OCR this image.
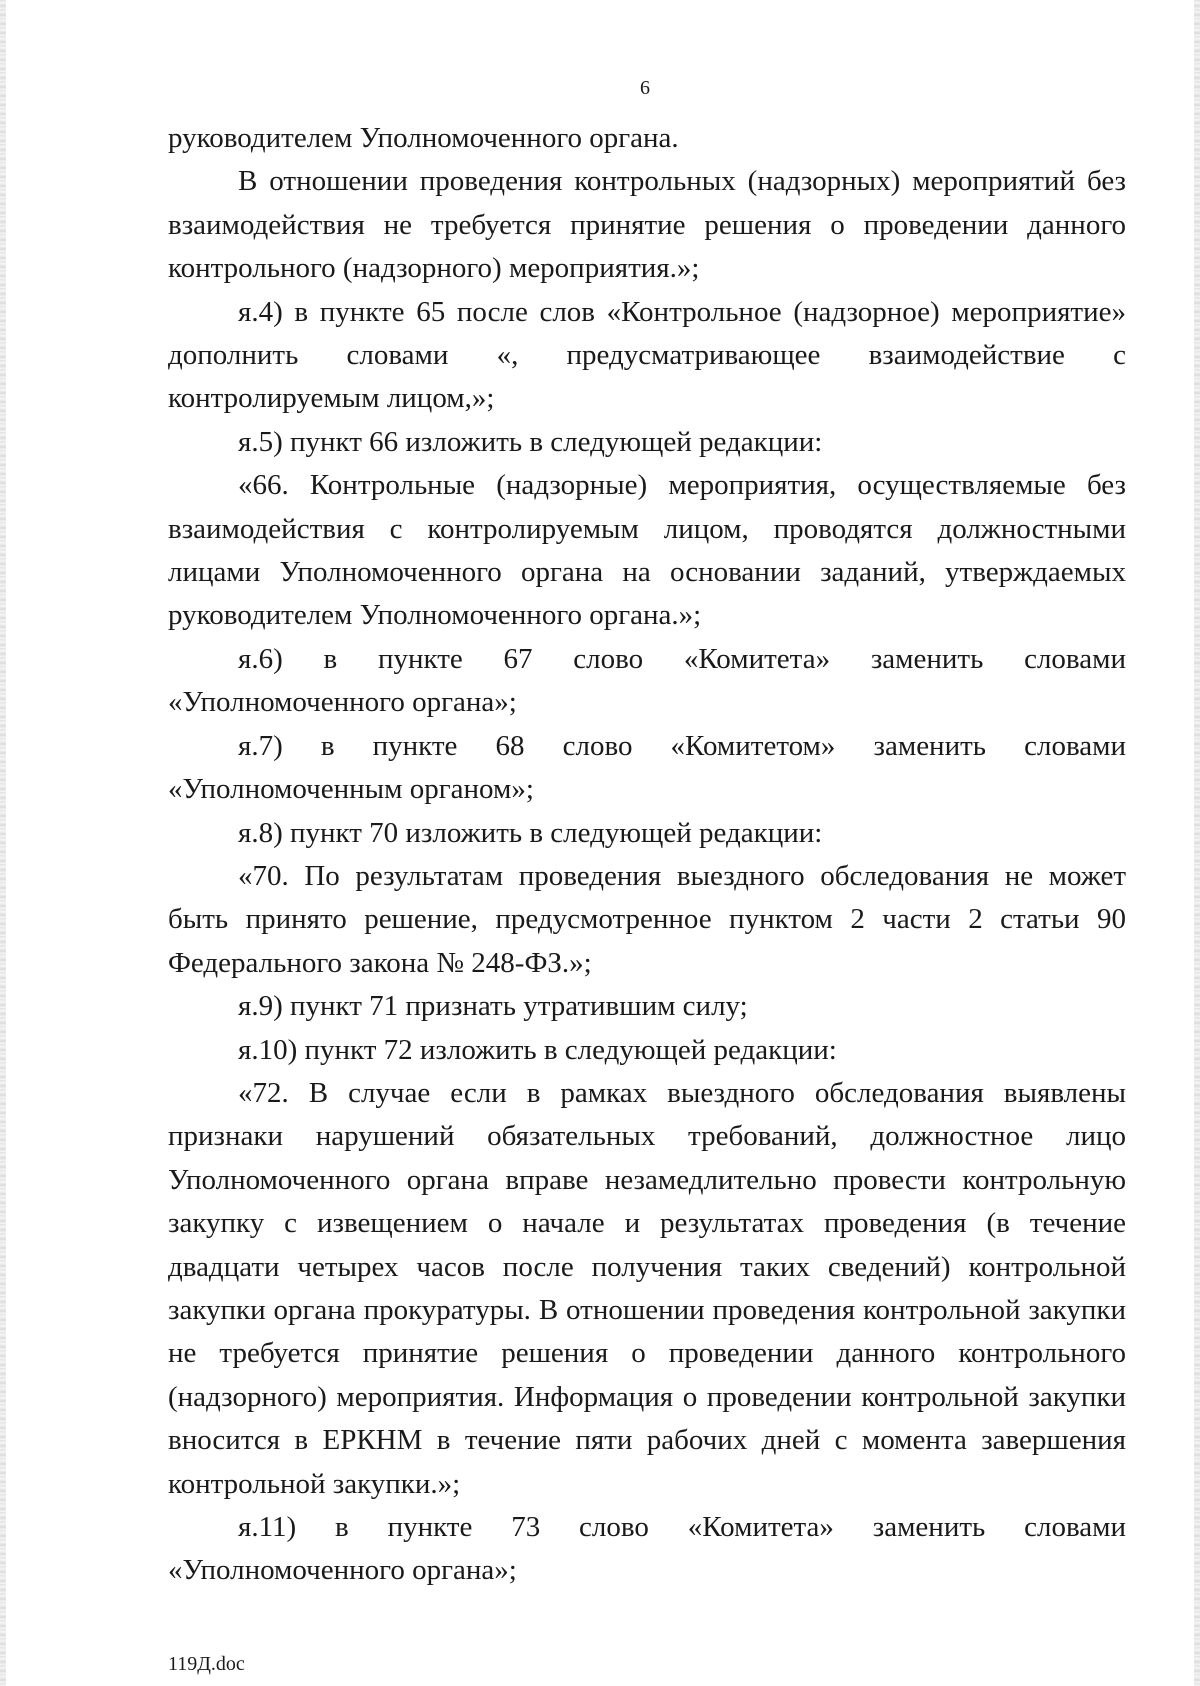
6

руководителем Уполномоченного органа.

В отношении проведения контрольных (надзорных) мероприятий без взаимодействия не требуется принятие решения о проведении данного контрольного (надзорного) мероприятия.»;

я.4) в пункте 65 после слов «Контрольное (надзорное) мероприятие» дополнить словами «, предусматривающее взаимодействие с контролируемым лицом,»;

я.5) пункт 66 изложить в следующей редакции:

«66. Контрольные (надзорные) мероприятия, осуществляемые без взаимодействия с контролируемым лицом, проводятся должностными лицами Уполномоченного органа на основании заданий, утверждаемых руководителем Уполномоченного органа.»;

я.6) в пункте 67 слово «Комитета» заменить словами «Уполномоченного органа»;

я.7) в пункте 68 слово «Комитетом» заменить словами «Уполномоченным органом»;

я.8) пункт 70 изложить в следующей редакции:

«70. По результатам проведения выездного обследования не может быть принято решение, предусмотренное пунктом 2 части 2 статьи 90 Федерального закона № 248-ФЗ.»;

я.9) пункт 71 признать утратившим силу;

я.10) пункт 72 изложить в следующей редакции:

«72. В случае если в рамках выездного обследования выявлены признаки нарушений обязательных требований, должностное лицо Уполномоченного органа вправе незамедлительно провести контрольную закупку с извещением о начале и результатах проведения (в течение двадцати четырех часов после получения таких сведений) контрольной закупки органа прокуратуры. В отношении проведения контрольной закупки не требуется принятие решения о проведении данного контрольного (надзорного) мероприятия. Информация о проведении контрольной закупки вносится в ЕРКНМ в течение пяти рабочих дней с момента завершения контрольной закупки.»;

я.11) в пункте 73 слово «Комитета» заменить словами «Уполномоченного органа»;

119Д.doc
